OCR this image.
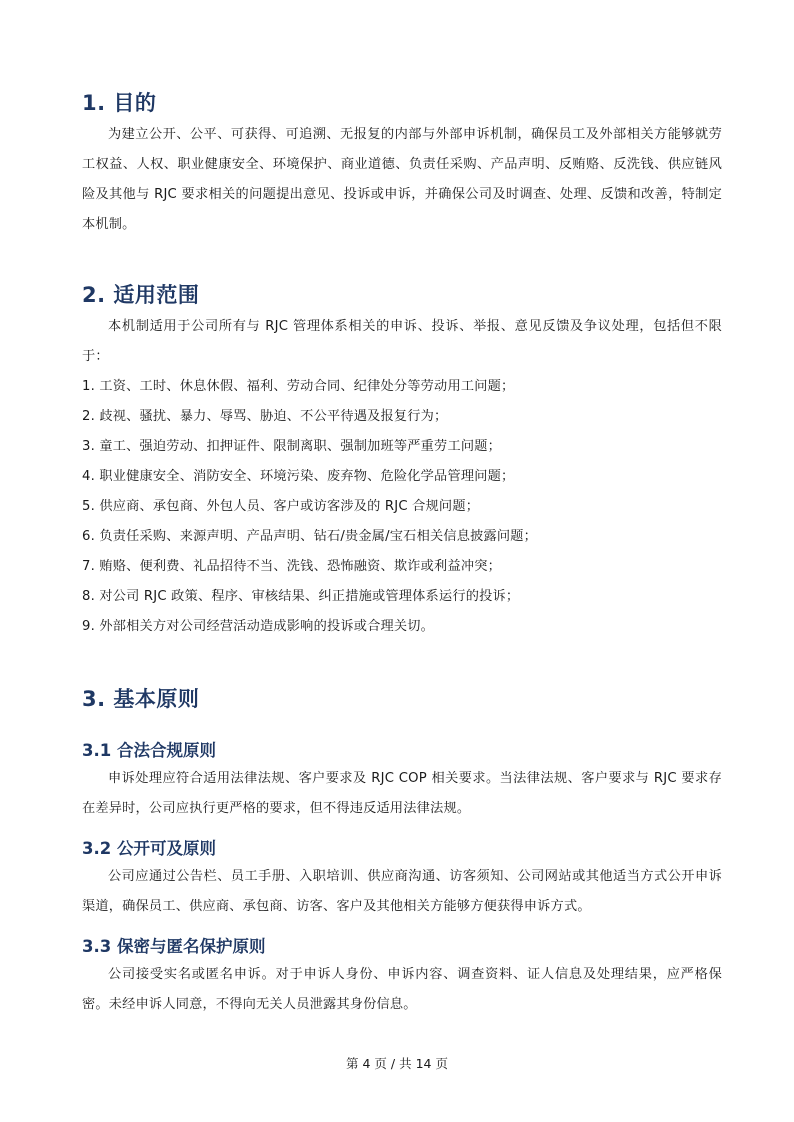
1. 目的

为建立公开、公平、可获得、可追溯、无报复的内部与外部申诉机制，确保员工及外部相关方能够就劳工权益、人权、职业健康安全、环境保护、商业道德、负责任采购、产品声明、反贿赂、反洗钱、供应链风险及其他与 RJC 要求相关的问题提出意见、投诉或申诉，并确保公司及时调查、处理、反馈和改善，特制定本机制。

2. 适用范围

本机制适用于公司所有与 RJC 管理体系相关的申诉、投诉、举报、意见反馈及争议处理，包括但不限于：

1. 工资、工时、休息休假、福利、劳动合同、纪律处分等劳动用工问题；
2. 歧视、骚扰、暴力、辱骂、胁迫、不公平待遇及报复行为；
3. 童工、强迫劳动、扣押证件、限制离职、强制加班等严重劳工问题；
4. 职业健康安全、消防安全、环境污染、废弃物、危险化学品管理问题；
5. 供应商、承包商、外包人员、客户或访客涉及的 RJC 合规问题；
6. 负责任采购、来源声明、产品声明、钻石/贵金属/宝石相关信息披露问题；
7. 贿赂、便利费、礼品招待不当、洗钱、恐怖融资、欺诈或利益冲突；
8. 对公司 RJC 政策、程序、审核结果、纠正措施或管理体系运行的投诉；
9. 外部相关方对公司经营活动造成影响的投诉或合理关切。
3. 基本原则
3.1 合法合规原则

申诉处理应符合适用法律法规、客户要求及 RJC COP 相关要求。当法律法规、客户要求与 RJC 要求存在差异时，公司应执行更严格的要求，但不得违反适用法律法规。

3.2 公开可及原则

公司应通过公告栏、员工手册、入职培训、供应商沟通、访客须知、公司网站或其他适当方式公开申诉渠道，确保员工、供应商、承包商、访客、客户及其他相关方能够方便获得申诉方式。

3.3 保密与匿名保护原则

公司接受实名或匿名申诉。对于申诉人身份、申诉内容、调查资料、证人信息及处理结果，应严格保密。未经申诉人同意，不得向无关人员泄露其身份信息。

第 4 页 / 共 14 页
